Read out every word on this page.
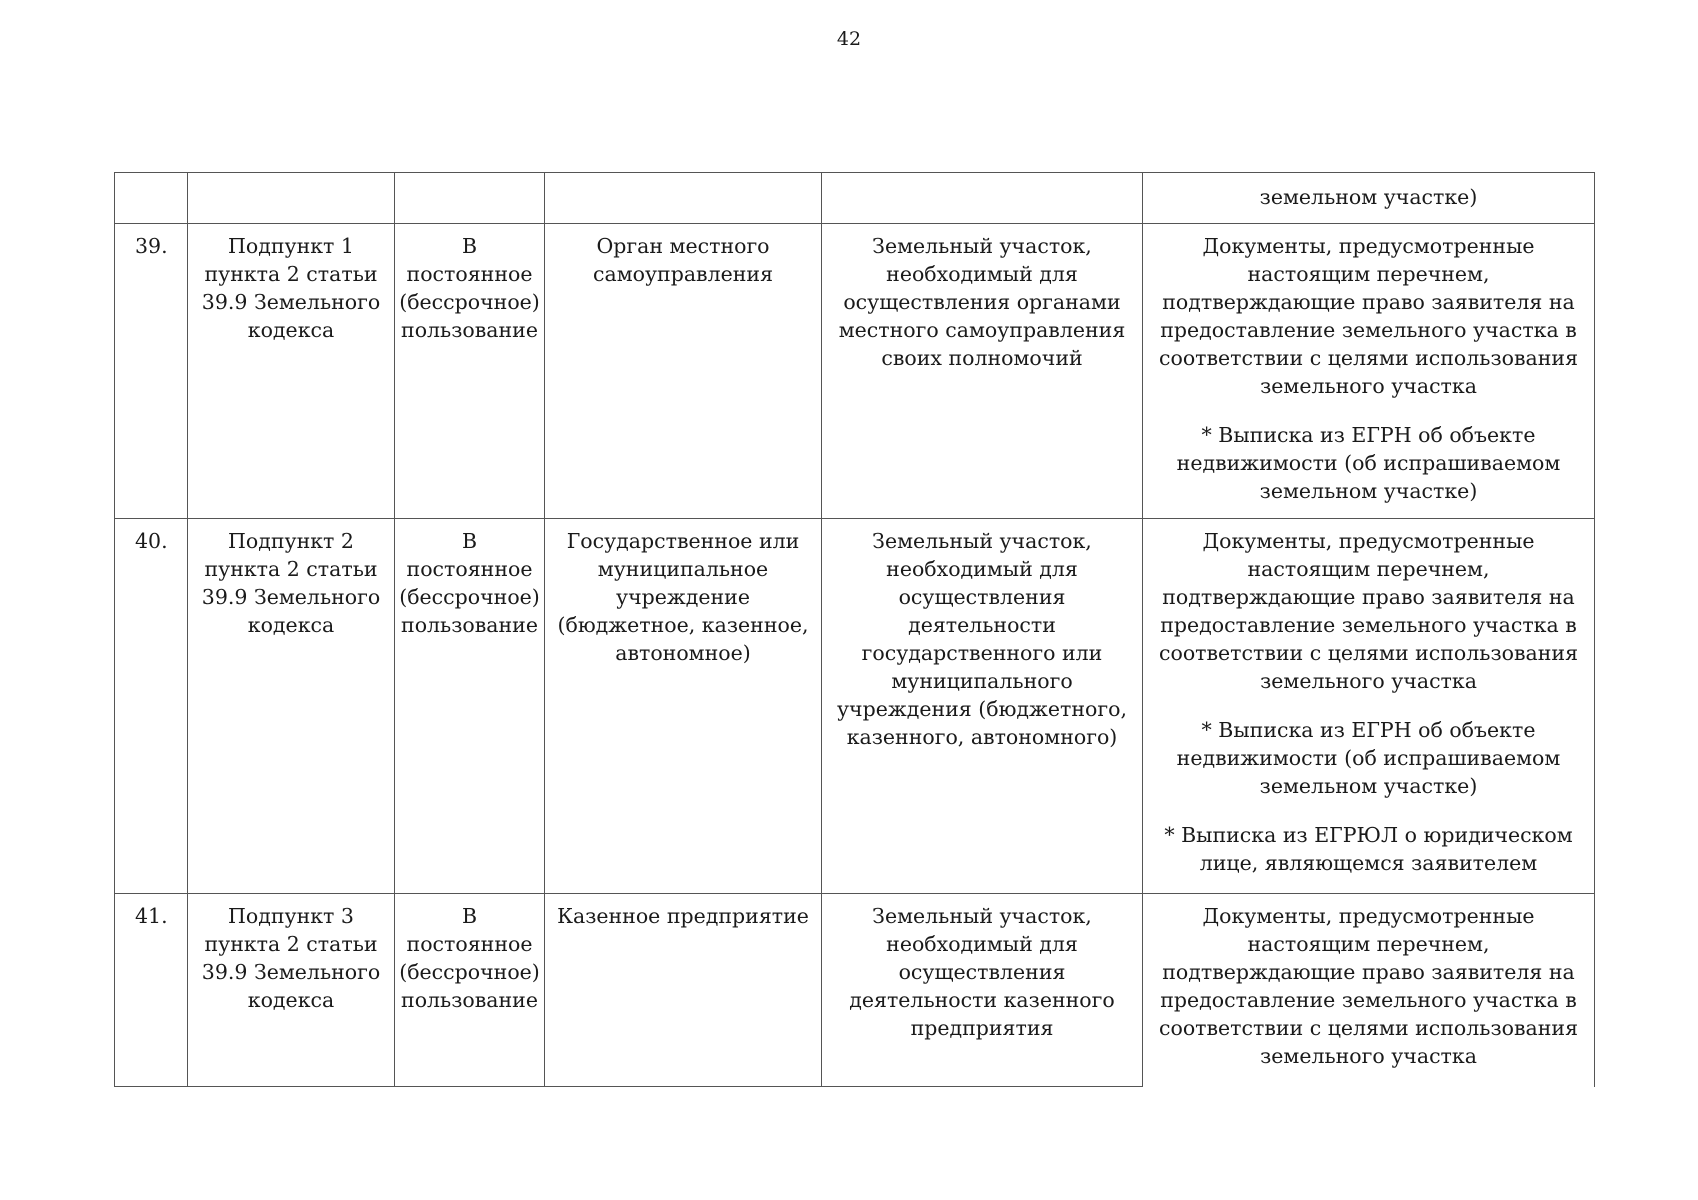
42
					земельном участке)
39.	Подпункт 1 пункта 2 статьи 39.9 Земельного кодекса	В постоянное (бессрочное) пользование	Орган местного самоуправления	Земельный участок, необходимый для осуществления органами местного самоуправления своих полномочий	Документы, предусмотренные настоящим перечнем, подтверждающие право заявителя на предоставление земельного участка в соответствии с целями использования земельного участка

* Выписка из ЕГРН об объекте недвижимости (об испрашиваемом земельном участке)

40.	Подпункт 2 пункта 2 статьи 39.9 Земельного кодекса	В постоянное (бессрочное) пользование	Государственное или муниципальное учреждение (бюджетное, казенное, автономное)	Земельный участок, необходимый для осуществления деятельности государственного или муниципального учреждения (бюджетного, казенного, автономного)	Документы, предусмотренные настоящим перечнем, подтверждающие право заявителя на предоставление земельного участка в соответствии с целями использования земельного участка

* Выписка из ЕГРН об объекте недвижимости (об испрашиваемом земельном участке)

* Выписка из ЕГРЮЛ о юридическом лице, являющемся заявителем

41.	Подпункт 3 пункта 2 статьи 39.9 Земельного кодекса	В постоянное (бессрочное) пользование	Казенное предприятие	Земельный участок, необходимый для осуществления деятельности казенного предприятия	Документы, предусмотренные настоящим перечнем, подтверждающие право заявителя на предоставление земельного участка в соответствии с целями использования земельного участка
